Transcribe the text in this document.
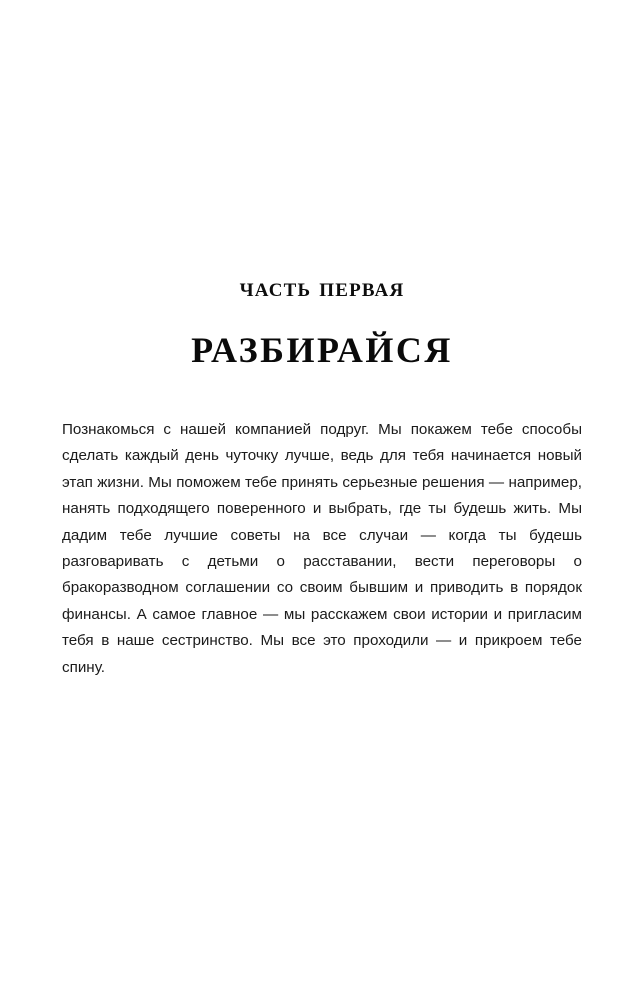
часть первая
РАЗБИРАЙСЯ

Познакомься с нашей компанией подруг. Мы покажем тебе способы сделать каждый день чуточку лучше, ведь для тебя начинается новый этап жизни. Мы поможем тебе принять серьезные решения — например, нанять подходящего поверенного и выбрать, где ты будешь жить. Мы дадим тебе лучшие советы на все случаи — когда ты будешь разговаривать с детьми о расставании, вести переговоры о бракоразводном соглашении со своим бывшим и приводить в порядок финансы. А самое главное — мы расскажем свои истории и пригласим тебя в наше сестринство. Мы все это проходили — и прикроем тебе спину.
